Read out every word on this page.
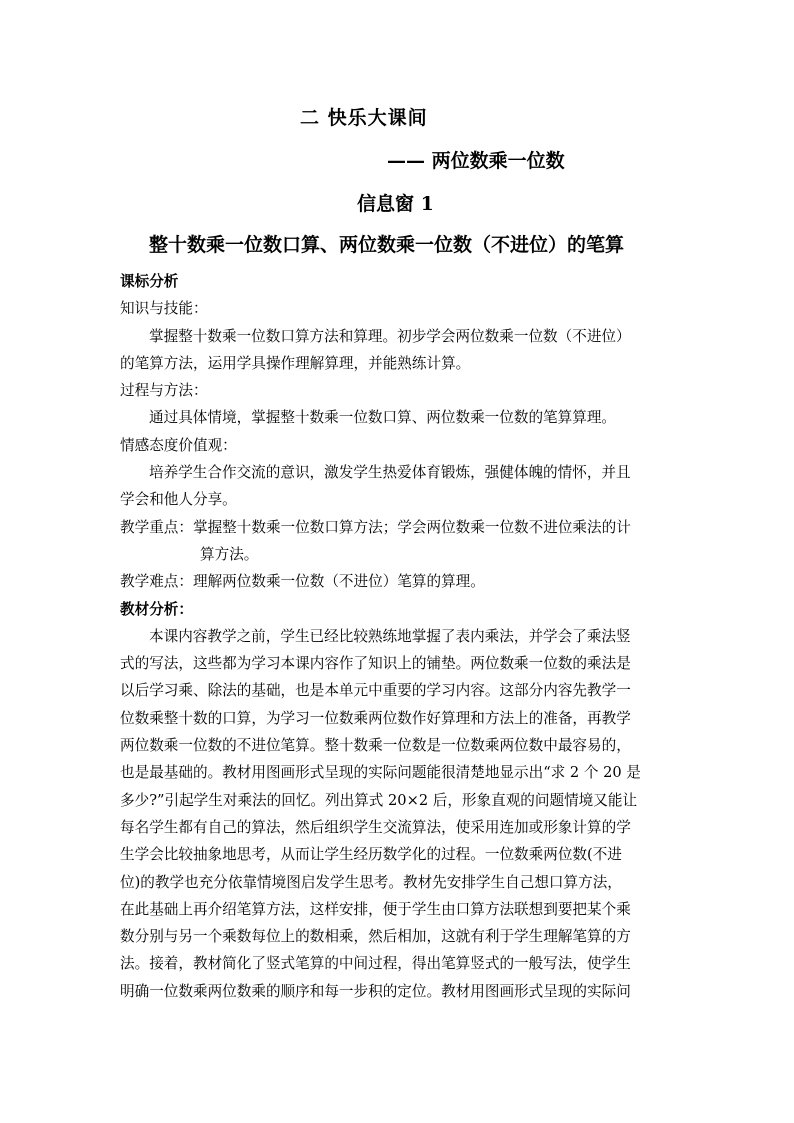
二 快乐大课间
—— 两位数乘一位数
信息窗 1
整十数乘一位数口算、两位数乘一位数（不进位）的笔算
课标分析
知识与技能：
掌握整十数乘一位数口算方法和算理。初步学会两位数乘一位数（不进位）
的笔算方法，运用学具操作理解算理，并能熟练计算。
过程与方法：
通过具体情境，掌握整十数乘一位数口算、两位数乘一位数的笔算算理。
情感态度价值观：
培养学生合作交流的意识，激发学生热爱体育锻炼，强健体魄的情怀，并且
学会和他人分享。
教学重点：掌握整十数乘一位数口算方法；学会两位数乘一位数不进位乘法的计
算方法。
教学难点：理解两位数乘一位数（不进位）笔算的算理。
教材分析：
本课内容教学之前，学生已经比较熟练地掌握了表内乘法，并学会了乘法竖
式的写法，这些都为学习本课内容作了知识上的铺垫。两位数乘一位数的乘法是
以后学习乘、除法的基础，也是本单元中重要的学习内容。这部分内容先教学一
位数乘整十数的口算，为学习一位数乘两位数作好算理和方法上的准备，再教学
两位数乘一位数的不进位笔算。整十数乘一位数是一位数乘两位数中最容易的，
也是最基础的。教材用图画形式呈现的实际问题能很清楚地显示出“求 2 个 20 是
多少?”引起学生对乘法的回忆。列出算式 20×2 后，形象直观的问题情境又能让
每名学生都有自己的算法，然后组织学生交流算法，使采用连加或形象计算的学
生学会比较抽象地思考，从而让学生经历数学化的过程。一位数乘两位数(不进
位)的教学也充分依靠情境图启发学生思考。教材先安排学生自己想口算方法，
在此基础上再介绍笔算方法，这样安排，便于学生由口算方法联想到要把某个乘
数分别与另一个乘数每位上的数相乘，然后相加，这就有利于学生理解笔算的方
法。接着，教材简化了竖式笔算的中间过程，得出笔算竖式的一般写法，使学生
明确一位数乘两位数乘的顺序和每一步积的定位。教材用图画形式呈现的实际问
